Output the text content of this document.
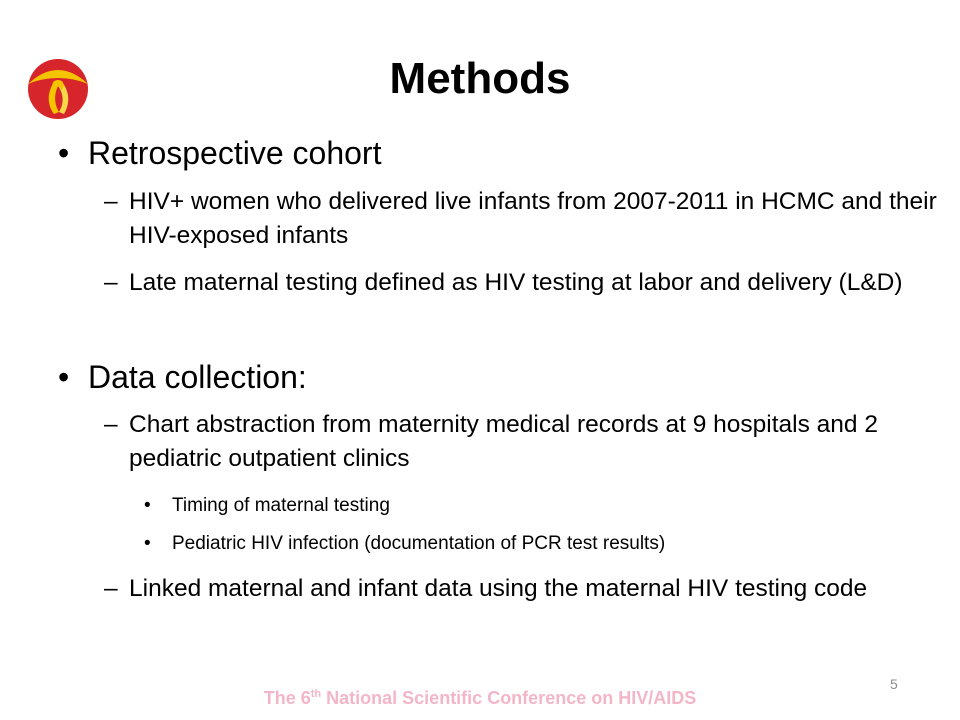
Methods
• Retrospective cohort
– HIV+ women who delivered live infants from 2007-2011 in HCMC and their HIV-exposed infants
– Late maternal testing defined as HIV testing at labor and delivery (L&D)
• Data collection:
– Chart abstraction from maternity medical records at 9 hospitals and 2 pediatric outpatient clinics
• Timing of maternal testing
• Pediatric HIV infection (documentation of PCR test results)
– Linked maternal and infant data using the maternal HIV testing code
5
The 6th National Scientific Conference on HIV/AIDS
